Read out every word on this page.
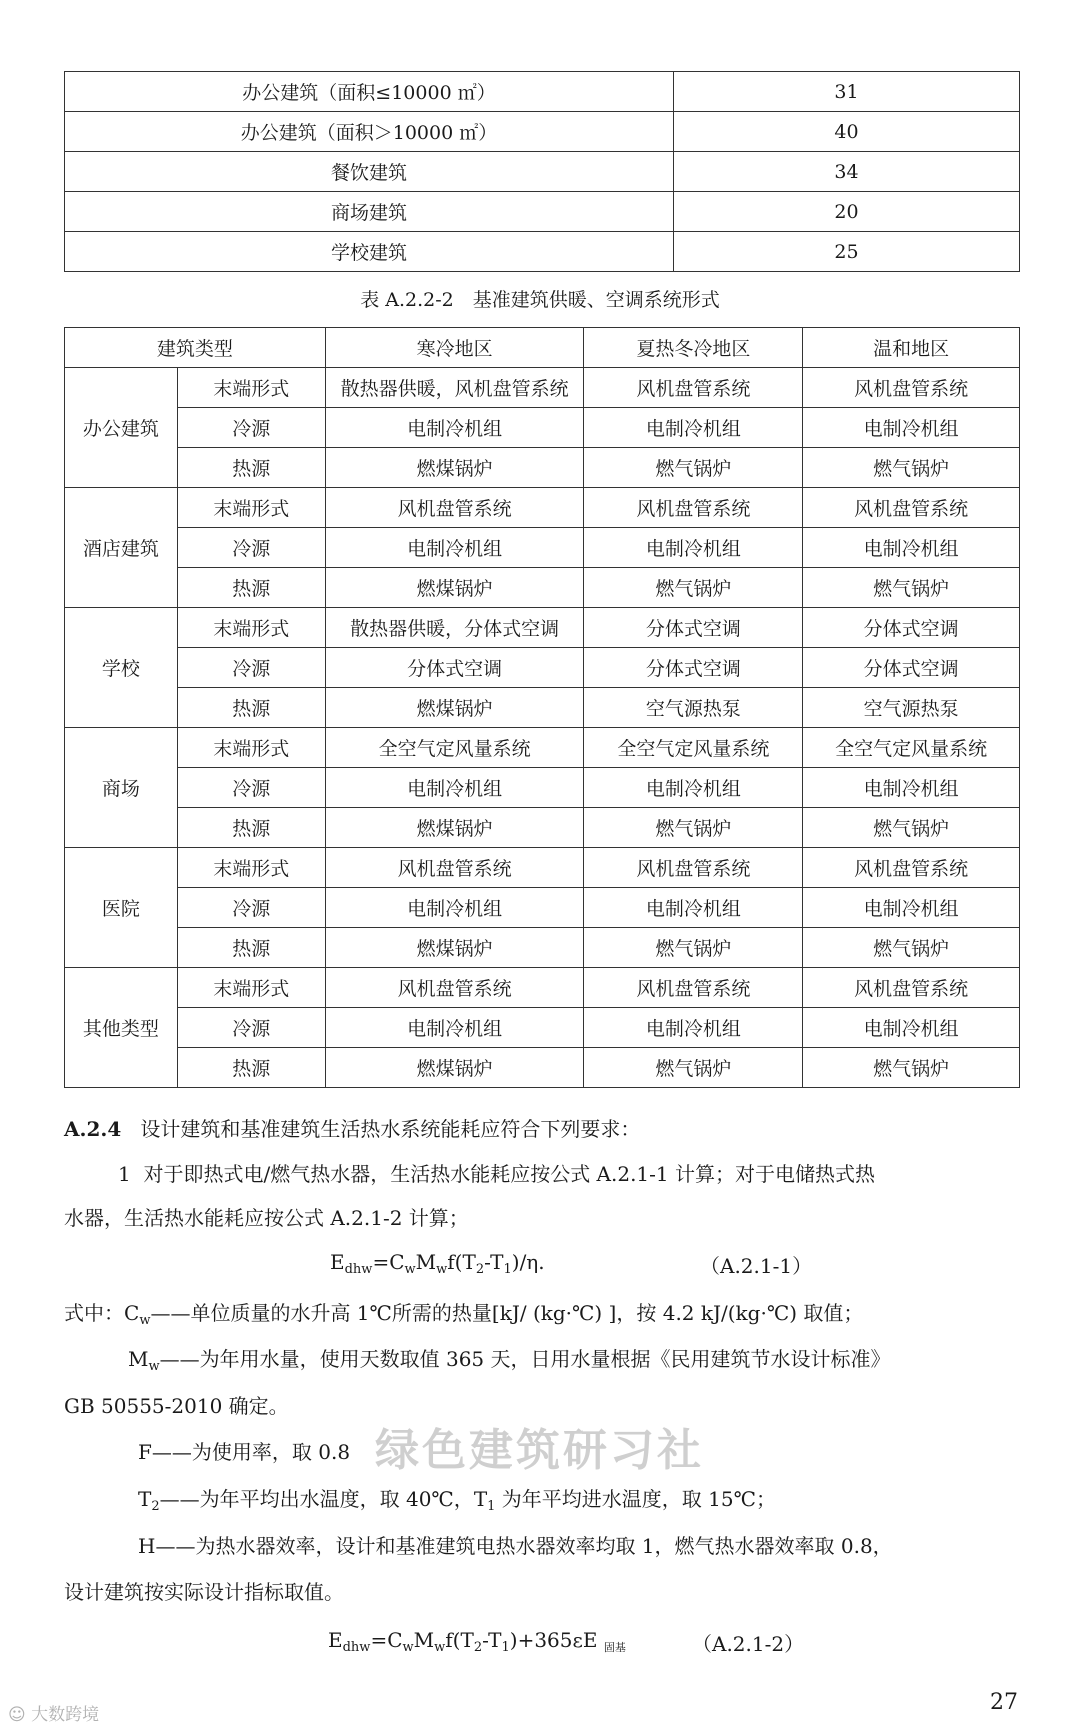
办公建筑（面积≤10000 ㎡）	31
办公建筑（面积＞10000 ㎡）	40
餐饮建筑	34
商场建筑	20
学校建筑	25
表 A.2.2-2　基准建筑供暖、空调系统形式
建筑类型		寒冷地区	夏热冬冷地区	温和地区
办公建筑	末端形式	散热器供暖，风机盘管系统	风机盘管系统	风机盘管系统
	冷源	电制冷机组	电制冷机组	电制冷机组
	热源	燃煤锅炉	燃气锅炉	燃气锅炉
酒店建筑	末端形式	风机盘管系统	风机盘管系统	风机盘管系统
	冷源	电制冷机组	电制冷机组	电制冷机组
	热源	燃煤锅炉	燃气锅炉	燃气锅炉
学校	末端形式	散热器供暖，分体式空调	分体式空调	分体式空调
	冷源	分体式空调	分体式空调	分体式空调
	热源	燃煤锅炉	空气源热泵	空气源热泵
商场	末端形式	全空气定风量系统	全空气定风量系统	全空气定风量系统
	冷源	电制冷机组	电制冷机组	电制冷机组
	热源	燃煤锅炉	燃气锅炉	燃气锅炉
医院	末端形式	风机盘管系统	风机盘管系统	风机盘管系统
	冷源	电制冷机组	电制冷机组	电制冷机组
	热源	燃煤锅炉	燃气锅炉	燃气锅炉
其他类型	末端形式	风机盘管系统	风机盘管系统	风机盘管系统
	冷源	电制冷机组	电制冷机组	电制冷机组
	热源	燃煤锅炉	燃气锅炉	燃气锅炉
A.2.4 设计建筑和基准建筑生活热水系统能耗应符合下列要求：
1 对于即热式电/燃气热水器，生活热水能耗应按公式 A.2.1-1 计算；对于电储热式热
水器，生活热水能耗应按公式 A.2.1-2 计算；
$E_{dhw}=C_wM_wf(T_2-T_1)/\eta$.	（A.2.1-1）
式中：$C_w——$单位质量的水升高 1℃所需的热量[kJ/ (kg·℃) ]，按 4.2 kJ/(kg·℃) 取值；
$M_w——$为年用水量，使用天数取值 365 天，日用水量根据《民用建筑节水设计标准》
GB 50555-2010 确定。
F——为使用率，取 0.8
$T_2——$为年平均出水温度，取 40℃，$T_1$ 为年平均进水温度，取 15℃；
H——为热水器效率，设计和基准建筑电热水器效率均取 1，燃气热水器效率取 0.8，
设计建筑按实际设计指标取值。
$E_{dhw}=C_wM_wf(T_2-T_1)+365\varepsilon E$ $_{固基}$	（A.2.1-2）
绿色建筑研习社
27
☺ 大数跨境
